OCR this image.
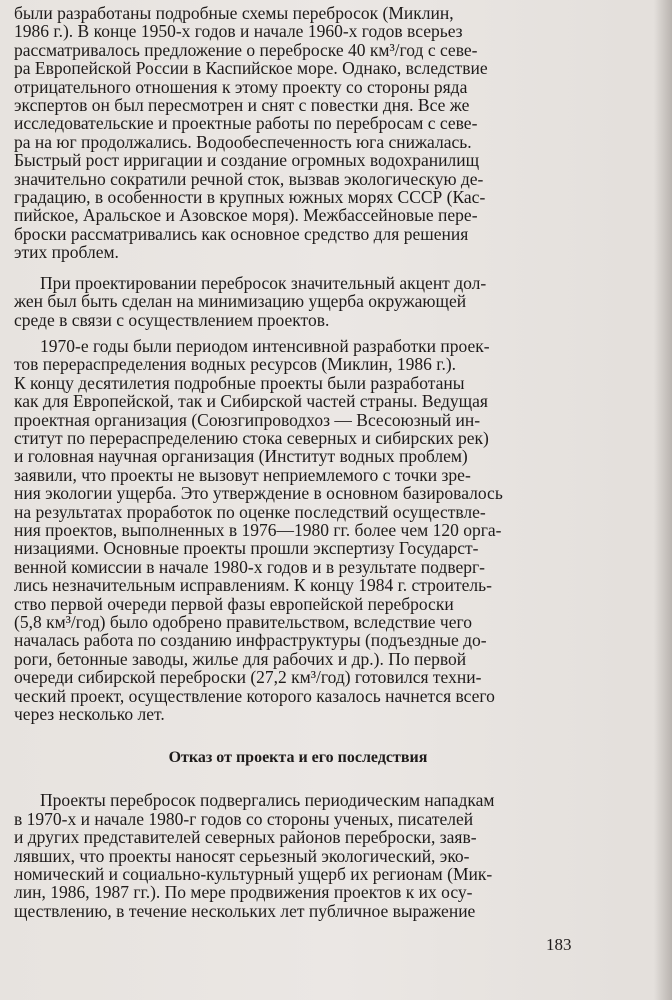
были разработаны подробные схемы перебросок (Миклин,
1986 г.). В конце 1950-х годов и начале 1960-х годов всерьез
рассматривалось предложение о переброске 40 км³/год с севе-
ра Европейской России в Каспийское море. Однако, вследствие
отрицательного отношения к этому проекту со стороны ряда
экспертов он был пересмотрен и снят с повестки дня. Все же
исследовательские и проектные работы по перебросам с севе-
ра на юг продолжались. Водообеспеченность юга снижалась.
Быстрый рост ирригации и создание огромных водохранилищ
значительно сократили речной сток, вызвав экологическую де-
градацию, в особенности в крупных южных морях СССР (Кас-
пийское, Аральское и Азовское моря). Межбассейновые пере-
броски рассматривались как основное средство для решения
этих проблем.
При проектировании перебросок значительный акцент дол-
жен был быть сделан на минимизацию ущерба окружающей
среде в связи с осуществлением проектов.
1970-е годы были периодом интенсивной разработки проек-
тов перераспределения водных ресурсов (Миклин, 1986 г.).
К концу десятилетия подробные проекты были разработаны
как для Европейской, так и Сибирской частей страны. Ведущая
проектная организация (Союзгипроводхоз — Всесоюзный ин-
ститут по перераспределению стока северных и сибирских рек)
и головная научная организация (Институт водных проблем)
заявили, что проекты не вызовут неприемлемого с точки зре-
ния экологии ущерба. Это утверждение в основном базировалось
на результатах проработок по оценке последствий осуществле-
ния проектов, выполненных в 1976—1980 гг. более чем 120 орга-
низациями. Основные проекты прошли экспертизу Государст-
венной комиссии в начале 1980-х годов и в результате подверг-
лись незначительным исправлениям. К концу 1984 г. строитель-
ство первой очереди первой фазы европейской переброски
(5,8 км³/год) было одобрено правительством, вследствие чего
началась работа по созданию инфраструктуры (подъездные до-
роги, бетонные заводы, жилье для рабочих и др.). По первой
очереди сибирской переброски (27,2 км³/год) готовился техни-
ческий проект, осуществление которого казалось начнется всего
через несколько лет.

Отказ от проекта и его последствия

Проекты перебросок подвергались периодическим нападкам
в 1970-х и начале 1980-г годов со стороны ученых, писателей
и других представителей северных районов переброски, заяв-
лявших, что проекты наносят серьезный экологический, эко-
номический и социально-культурный ущерб их регионам (Мик-
лин, 1986, 1987 гг.). По мере продвижения проектов к их осу-
ществлению, в течение нескольких лет публичное выражение
183
